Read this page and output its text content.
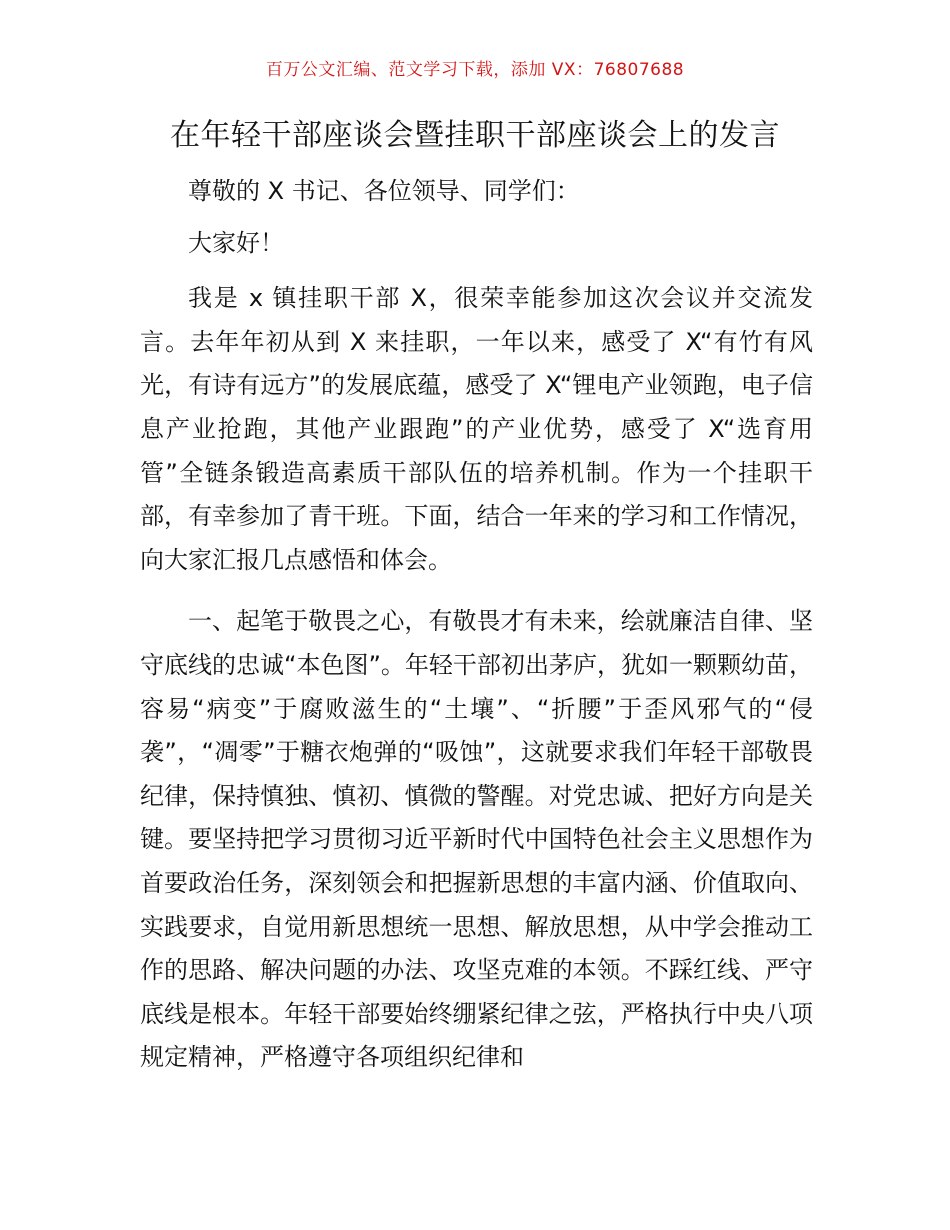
百万公文汇编、范文学习下载，添加 VX：76807688
在年轻干部座谈会暨挂职干部座谈会上的发言

尊敬的 X 书记、各位领导、同学们：

大家好！

我是 x 镇挂职干部 X，很荣幸能参加这次会议并交流发言。去年年初从到 X 来挂职，一年以来，感受了 X“有竹有风光，有诗有远方”的发展底蕴，感受了 X“锂电产业领跑，电子信息产业抢跑，其他产业跟跑”的产业优势，感受了 X“选育用管”全链条锻造高素质干部队伍的培养机制。作为一个挂职干部，有幸参加了青干班。下面，结合一年来的学习和工作情况，向大家汇报几点感悟和体会。

一、起笔于敬畏之心，有敬畏才有未来，绘就廉洁自律、坚守底线的忠诚“本色图”。年轻干部初出茅庐，犹如一颗颗幼苗，容易“病变”于腐败滋生的“土壤”、“折腰”于歪风邪气的“侵袭”，“凋零”于糖衣炮弹的“吸蚀”，这就要求我们年轻干部敬畏纪律，保持慎独、慎初、慎微的警醒。对党忠诚、把好方向是关键。要坚持把学习贯彻习近平新时代中国特色社会主义思想作为首要政治任务，深刻领会和把握新思想的丰富内涵、价值取向、实践要求，自觉用新思想统一思想、解放思想，从中学会推动工作的思路、解决问题的办法、攻坚克难的本领。不踩红线、严守底线是根本。年轻干部要始终绷紧纪律之弦，严格执行中央八项规定精神，严格遵守各项组织纪律和
